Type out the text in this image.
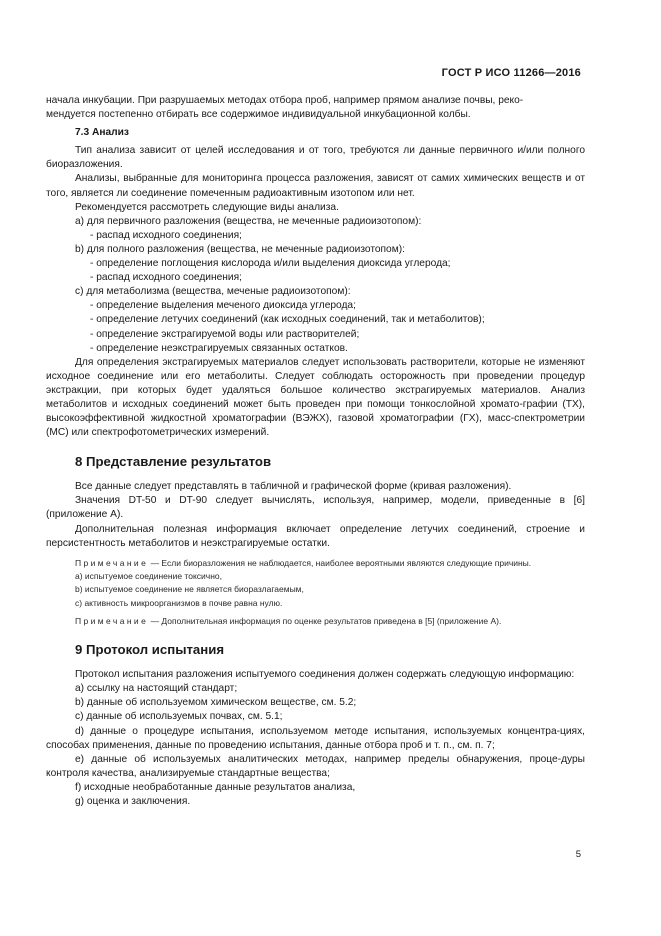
ГОСТ Р ИСО 11266—2016

начала инкубации. При разрушаемых методах отбора проб, например прямом анализе почвы, реко-

мендуется постепенно отбирать все содержимое индивидуальной инкубационной колбы.

7.3 Анализ

Тип анализа зависит от целей исследования и от того, требуются ли данные первичного и/или полного биоразложения.

Анализы, выбранные для мониторинга процесса разложения, зависят от самих химических веществ и от того, является ли соединение помеченным радиоактивным изотопом или нет.

Рекомендуется рассмотреть следующие виды анализа.

a) для первичного разложения (вещества, не меченные радиоизотопом):

- распад исходного соединения;

b) для полного разложения (вещества, не меченные радиоизотопом):

- определение поглощения кислорода и/или выделения диоксида углерода;

- распад исходного соединения;

c) для метаболизма (вещества, меченые радиоизотопом):

- определение выделения меченого диоксида углерода;

- определение летучих соединений (как исходных соединений, так и метаболитов);

- определение экстрагируемой воды или растворителей;

- определение неэкстрагируемых связанных остатков.

Для определения экстрагируемых материалов следует использовать растворители, которые не изменяют исходное соединение или его метаболиты. Следует соблюдать осторожность при проведении процедур экстракции, при которых будет удаляться большое количество экстрагируемых материалов. Анализ метаболитов и исходных соединений может быть проведен при помощи тонкослойной хромато-графии (ТХ), высокоэффективной жидкостной хроматографии (ВЭЖХ), газовой хроматографии (ГХ), масс-спектрометрии (МС) или спектрофотометрических измерений.

8 Представление результатов

Все данные следует представлять в табличной и графической форме (кривая разложения).

Значения DT-50 и DT-90 следует вычислять, используя, например, модели, приведенные в [6] (приложение А).

Дополнительная полезная информация включает определение летучих соединений, строение и персистентность метаболитов и неэкстрагируемые остатки.

Примечание — Если биоразложения не наблюдается, наиболее вероятными являются следующие причины.

a) испытуемое соединение токсично,

b) испытуемое соединение не является биоразлагаемым,

c) активность микроорганизмов в почве равна нулю.

Примечание — Дополнительная информация по оценке результатов приведена в [5] (приложение А).

9 Протокол испытания

Протокол испытания разложения испытуемого соединения должен содержать следующую информацию:

a) ссылку на настоящий стандарт;

b) данные об используемом химическом веществе, см. 5.2;

c) данные об используемых почвах, см. 5.1;

d) данные о процедуре испытания, используемом методе испытания, используемых концентра-циях, способах применения, данные по проведению испытания, данные отбора проб и т. п., см. п. 7;

e) данные об используемых аналитических методах, например пределы обнаружения, проце-дуры контроля качества, анализируемые стандартные вещества;

f) исходные необработанные данные результатов анализа,

g) оценка и заключения.

5
